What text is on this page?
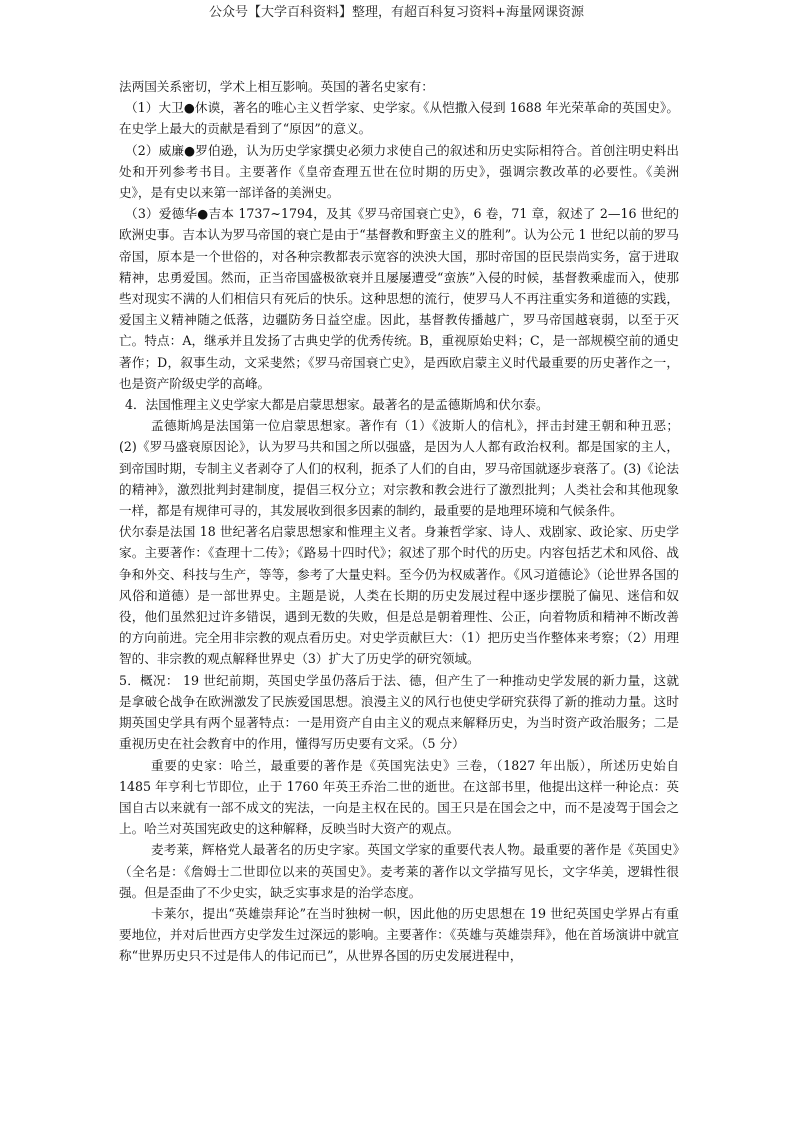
公众号【大学百科资料】整理，有超百科复习资料+海量网课资源

法两国关系密切，学术上相互影响。英国的著名史家有：

（1）大卫●休谟，著名的唯心主义哲学家、史学家。《从恺撒入侵到 1688 年光荣革命的英国史》。在史学上最大的贡献是看到了“原因”的意义。

（2）威廉●罗伯逊，认为历史学家撰史必须力求使自己的叙述和历史实际相符合。首创注明史料出处和开列参考书目。主要著作《皇帝查理五世在位时期的历史》，强调宗教改革的必要性。《美洲史》，是有史以来第一部详备的美洲史。

（3）爱德华●吉本 1737~1794，及其《罗马帝国衰亡史》，6 卷，71 章，叙述了 2—16 世纪的欧洲史事。吉本认为罗马帝国的衰亡是由于“基督教和野蛮主义的胜利”。认为公元 1 世纪以前的罗马帝国，原本是一个世俗的，对各种宗教都表示宽容的泱泱大国，那时帝国的臣民崇尚实务，富于进取精神，忠勇爱国。然而，正当帝国盛极欲衰并且屡屡遭受“蛮族”入侵的时候，基督教乘虚而入，使那些对现实不满的人们相信只有死后的快乐。这种思想的流行，使罗马人不再注重实务和道德的实践，爱国主义精神随之低落，边疆防务日益空虚。因此，基督教传播越广，罗马帝国越衰弱，以至于灭亡。特点：A，继承并且发扬了古典史学的优秀传统。B，重视原始史料；C，是一部规模空前的通史著作；D，叙事生动，文采斐然；《罗马帝国衰亡史》，是西欧启蒙主义时代最重要的历史著作之一，也是资产阶级史学的高峰。

4．法国惟理主义史学家大都是启蒙思想家。最著名的是孟德斯鸠和伏尔泰。

孟德斯鸠是法国第一位启蒙思想家。著作有（1）《波斯人的信札》，抨击封建王朝和种丑恶；(2)《罗马盛衰原因论》，认为罗马共和国之所以强盛，是因为人人都有政治权利。都是国家的主人，到帝国时期，专制主义者剥夺了人们的权利，扼杀了人们的自由，罗马帝国就逐步衰落了。(3)《论法的精神》，激烈批判封建制度，提倡三权分立；对宗教和教会进行了激烈批判；人类社会和其他现象一样，都是有规律可寻的，其发展收到很多因素的制约，最重要的是地理环境和气候条件。

伏尔泰是法国 18 世纪著名启蒙思想家和惟理主义者。身兼哲学家、诗人、戏剧家、政论家、历史学家。主要著作：《查理十二传》；《路易十四时代》；叙述了那个时代的历史。内容包括艺术和风俗、战争和外交、科技与生产，等等，参考了大量史料。至今仍为权威著作。《风习道德论》（论世界各国的风俗和道德）是一部世界史。主题是说，人类在长期的历史发展过程中逐步摆脱了偏见、迷信和奴役，他们虽然犯过许多错误，遇到无数的失败，但是总是朝着理性、公正，向着物质和精神不断改善的方向前进。完全用非宗教的观点看历史。对史学贡献巨大：（1）把历史当作整体来考察；（2）用理智的、非宗教的观点解释世界史（3）扩大了历史学的研究领域。

5．概况： 19 世纪前期，英国史学虽仍落后于法、德，但产生了一种推动史学发展的新力量，这就是拿破仑战争在欧洲激发了民族爱国思想。浪漫主义的风行也使史学研究获得了新的推动力量。这时期英国史学具有两个显著特点：一是用资产自由主义的观点来解释历史，为当时资产政治服务；二是重视历史在社会教育中的作用，懂得写历史要有文采。（5 分）

重要的史家：哈兰，最重要的著作是《英国宪法史》三卷，（1827 年出版），所述历史始自 1485 年亨利七节即位，止于 1760 年英王乔治二世的逝世。在这部书里，他提出这样一种论点：英国自古以来就有一部不成文的宪法，一向是主权在民的。国王只是在国会之中，而不是凌驾于国会之上。哈兰对英国宪政史的这种解释，反映当时大资产的观点。

麦考莱，辉格党人最著名的历史字家。英国文学家的重要代表人物。最重要的著作是《英国史》（全名是：《詹姆士二世即位以来的英国史》。麦考莱的著作以文学描写见长，文字华美，逻辑性很强。但是歪曲了不少史实，缺乏实事求是的治学态度。

卡莱尔，提出“英雄崇拜论”在当时独树一帜，因此他的历史思想在 19 世纪英国史学界占有重要地位，并对后世西方史学发生过深远的影响。主要著作：《英雄与英雄崇拜》，他在首场演讲中就宣称“世界历史只不过是伟人的伟记而已”，从世界各国的历史发展进程中，
